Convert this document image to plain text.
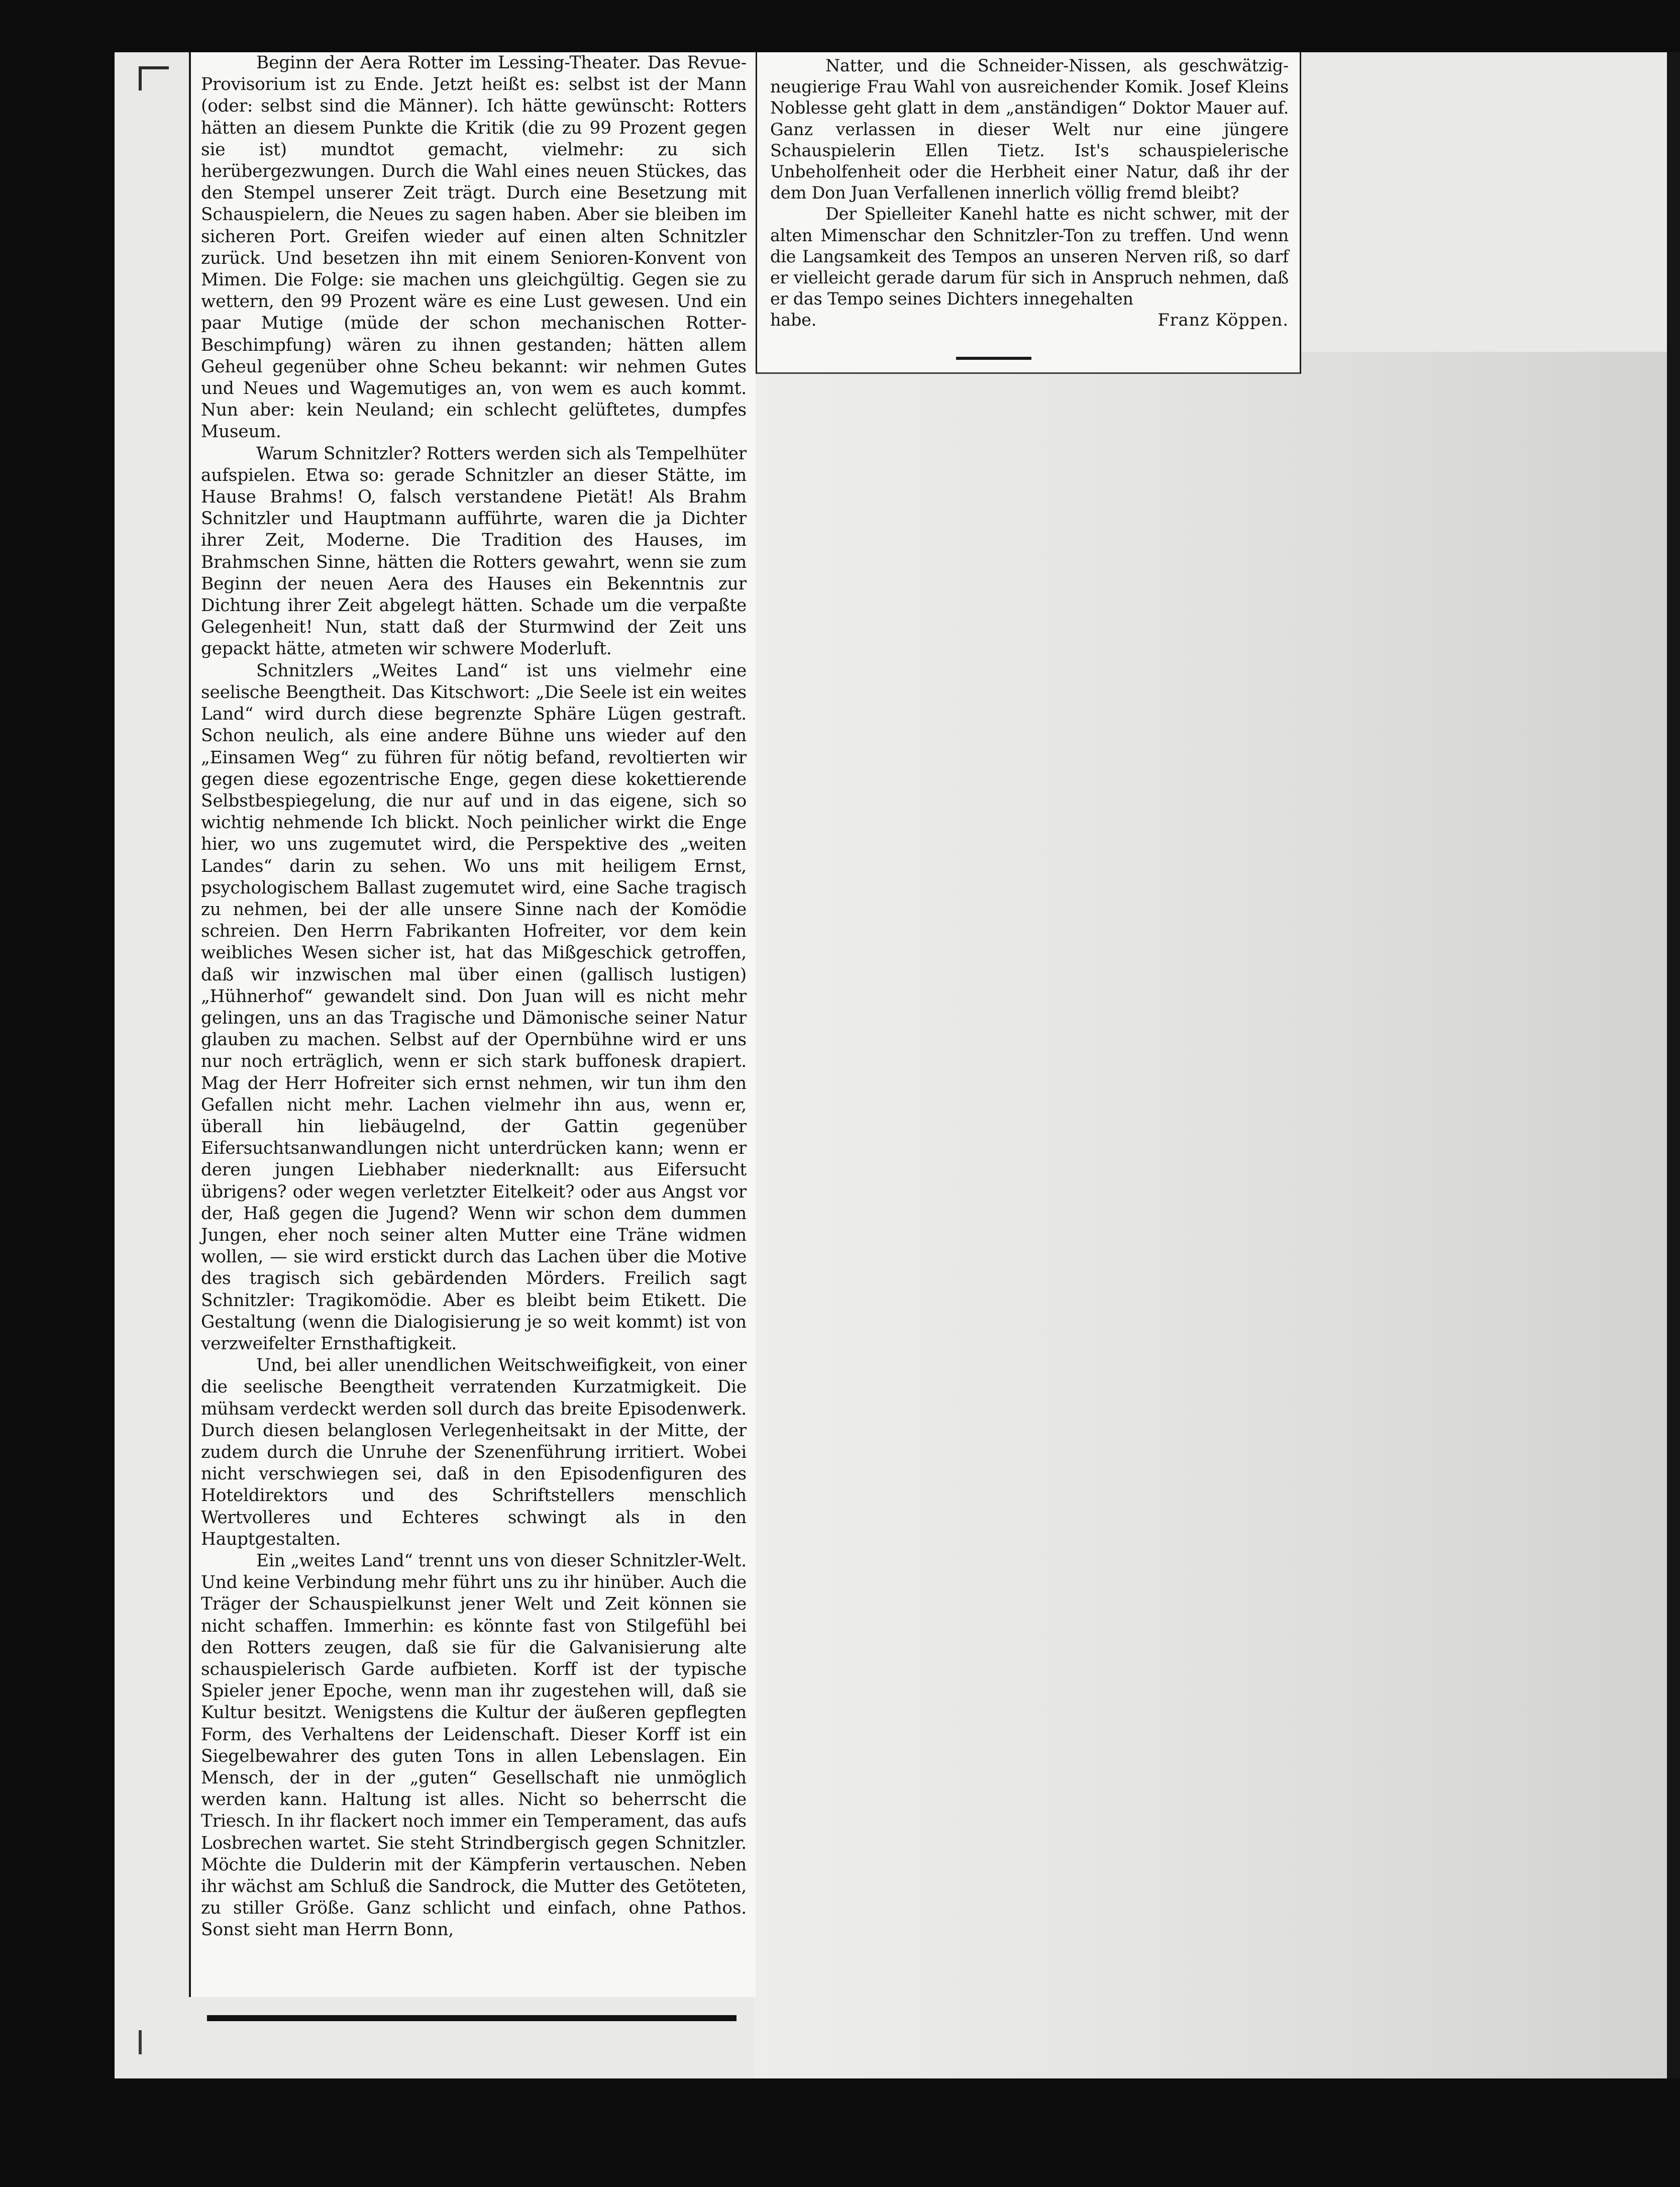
Beginn der Aera Rotter im Lessing-Theater. Das Revue-Provisorium ist zu Ende. Jetzt heißt es: selbst ist der Mann (oder: selbst sind die Männer). Ich hätte gewünscht: Rotters hätten an diesem Punkte die Kritik (die zu 99 Prozent gegen sie ist) mundtot gemacht, vielmehr: zu sich herübergezwungen. Durch die Wahl eines neuen Stückes, das den Stempel unserer Zeit trägt. Durch eine Besetzung mit Schauspielern, die Neues zu sagen haben. Aber sie bleiben im sicheren Port. Greifen wieder auf einen alten Schnitzler zurück. Und besetzen ihn mit einem Senioren-Konvent von Mimen. Die Folge: sie machen uns gleichgültig. Gegen sie zu wettern, den 99 Prozent wäre es eine Lust gewesen. Und ein paar Mutige (müde der schon mechanischen Rotter-Beschimpfung) wären zu ihnen gestanden; hätten allem Geheul gegenüber ohne Scheu bekannt: wir nehmen Gutes und Neues und Wagemutiges an, von wem es auch kommt. Nun aber: kein Neuland; ein schlecht gelüftetes, dumpfes Museum.

Warum Schnitzler? Rotters werden sich als Tempelhüter aufspielen. Etwa so: gerade Schnitzler an dieser Stätte, im Hause Brahms! O, falsch verstandene Pietät! Als Brahm Schnitzler und Hauptmann aufführte, waren die ja Dichter ihrer Zeit, Moderne. Die Tradition des Hauses, im Brahmschen Sinne, hätten die Rotters gewahrt, wenn sie zum Beginn der neuen Aera des Hauses ein Bekenntnis zur Dichtung ihrer Zeit abgelegt hätten. Schade um die verpaßte Gelegenheit! Nun, statt daß der Sturmwind der Zeit uns gepackt hätte, atmeten wir schwere Moderluft.

Schnitzlers „Weites Land“ ist uns vielmehr eine seelische Beengtheit. Das Kitschwort: „Die Seele ist ein weites Land“ wird durch diese begrenzte Sphäre Lügen gestraft. Schon neulich, als eine andere Bühne uns wieder auf den „Einsamen Weg“ zu führen für nötig befand, revoltierten wir gegen diese egozentrische Enge, gegen diese kokettierende Selbstbespiegelung, die nur auf und in das eigene, sich so wichtig nehmende Ich blickt. Noch peinlicher wirkt die Enge hier, wo uns zugemutet wird, die Perspektive des „weiten Landes“ darin zu sehen. Wo uns mit heiligem Ernst, psychologischem Ballast zugemutet wird, eine Sache tragisch zu nehmen, bei der alle unsere Sinne nach der Komödie schreien. Den Herrn Fabrikanten Hofreiter, vor dem kein weibliches Wesen sicher ist, hat das Mißgeschick getroffen, daß wir inzwischen mal über einen (gallisch lustigen) „Hühnerhof“ gewandelt sind. Don Juan will es nicht mehr gelingen, uns an das Tragische und Dämonische seiner Natur glauben zu machen. Selbst auf der Opernbühne wird er uns nur noch erträglich, wenn er sich stark buffonesk drapiert. Mag der Herr Hofreiter sich ernst nehmen, wir tun ihm den Gefallen nicht mehr. Lachen vielmehr ihn aus, wenn er, überall hin liebäugelnd, der Gattin gegenüber Eifersuchtsanwandlungen nicht unterdrücken kann; wenn er deren jungen Liebhaber niederknallt: aus Eifersucht übrigens? oder wegen verletzter Eitelkeit? oder aus Angst vor der, Haß gegen die Jugend? Wenn wir schon dem dummen Jungen, eher noch seiner alten Mutter eine Träne widmen wollen, — sie wird erstickt durch das Lachen über die Motive des tragisch sich gebärdenden Mörders. Freilich sagt Schnitzler: Tragikomödie. Aber es bleibt beim Etikett. Die Gestaltung (wenn die Dialogisierung je so weit kommt) ist von verzweifelter Ernsthaftigkeit.

Und, bei aller unendlichen Weitschweifigkeit, von einer die seelische Beengtheit verratenden Kurzatmigkeit. Die mühsam verdeckt werden soll durch das breite Episodenwerk. Durch diesen belanglosen Verlegenheitsakt in der Mitte, der zudem durch die Unruhe der Szenenführung irritiert. Wobei nicht verschwiegen sei, daß in den Episodenfiguren des Hoteldirektors und des Schriftstellers menschlich Wertvolleres und Echteres schwingt als in den Hauptgestalten.

Ein „weites Land“ trennt uns von dieser Schnitzler-Welt. Und keine Verbindung mehr führt uns zu ihr hinüber. Auch die Träger der Schauspielkunst jener Welt und Zeit können sie nicht schaffen. Immerhin: es könnte fast von Stilgefühl bei den Rotters zeugen, daß sie für die Galvanisierung alte schauspielerisch Garde aufbieten. Korff ist der typische Spieler jener Epoche, wenn man ihr zugestehen will, daß sie Kultur besitzt. Wenigstens die Kultur der äußeren gepflegten Form, des Verhaltens der Leidenschaft. Dieser Korff ist ein Siegelbewahrer des guten Tons in allen Lebenslagen. Ein Mensch, der in der „guten“ Gesellschaft nie unmöglich werden kann. Haltung ist alles. Nicht so beherrscht die Triesch. In ihr flackert noch immer ein Temperament, das aufs Losbrechen wartet. Sie steht Strindbergisch gegen Schnitzler. Möchte die Dulderin mit der Kämpferin vertauschen. Neben ihr wächst am Schluß die Sandrock, die Mutter des Getöteten, zu stiller Größe. Ganz schlicht und einfach, ohne Pathos. Sonst sieht man Herrn Bonn,

Natter, und die Schneider-Nissen, als geschwätzig-neugierige Frau Wahl von ausreichender Komik. Josef Kleins Noblesse geht glatt in dem „anständigen“ Doktor Mauer auf. Ganz verlassen in dieser Welt nur eine jüngere Schauspielerin Ellen Tietz. Ist's schauspielerische Unbeholfenheit oder die Herbheit einer Natur, daß ihr der dem Don Juan Verfallenen innerlich völlig fremd bleibt?

Der Spielleiter Kanehl hatte es nicht schwer, mit der alten Mimenschar den Schnitzler-Ton zu treffen. Und wenn die Langsamkeit des Tempos an unseren Nerven riß, so darf er vielleicht gerade darum für sich in Anspruch nehmen, daß er das Tempo seines Dichters innegehalten

habe.	Franz Köppen.
